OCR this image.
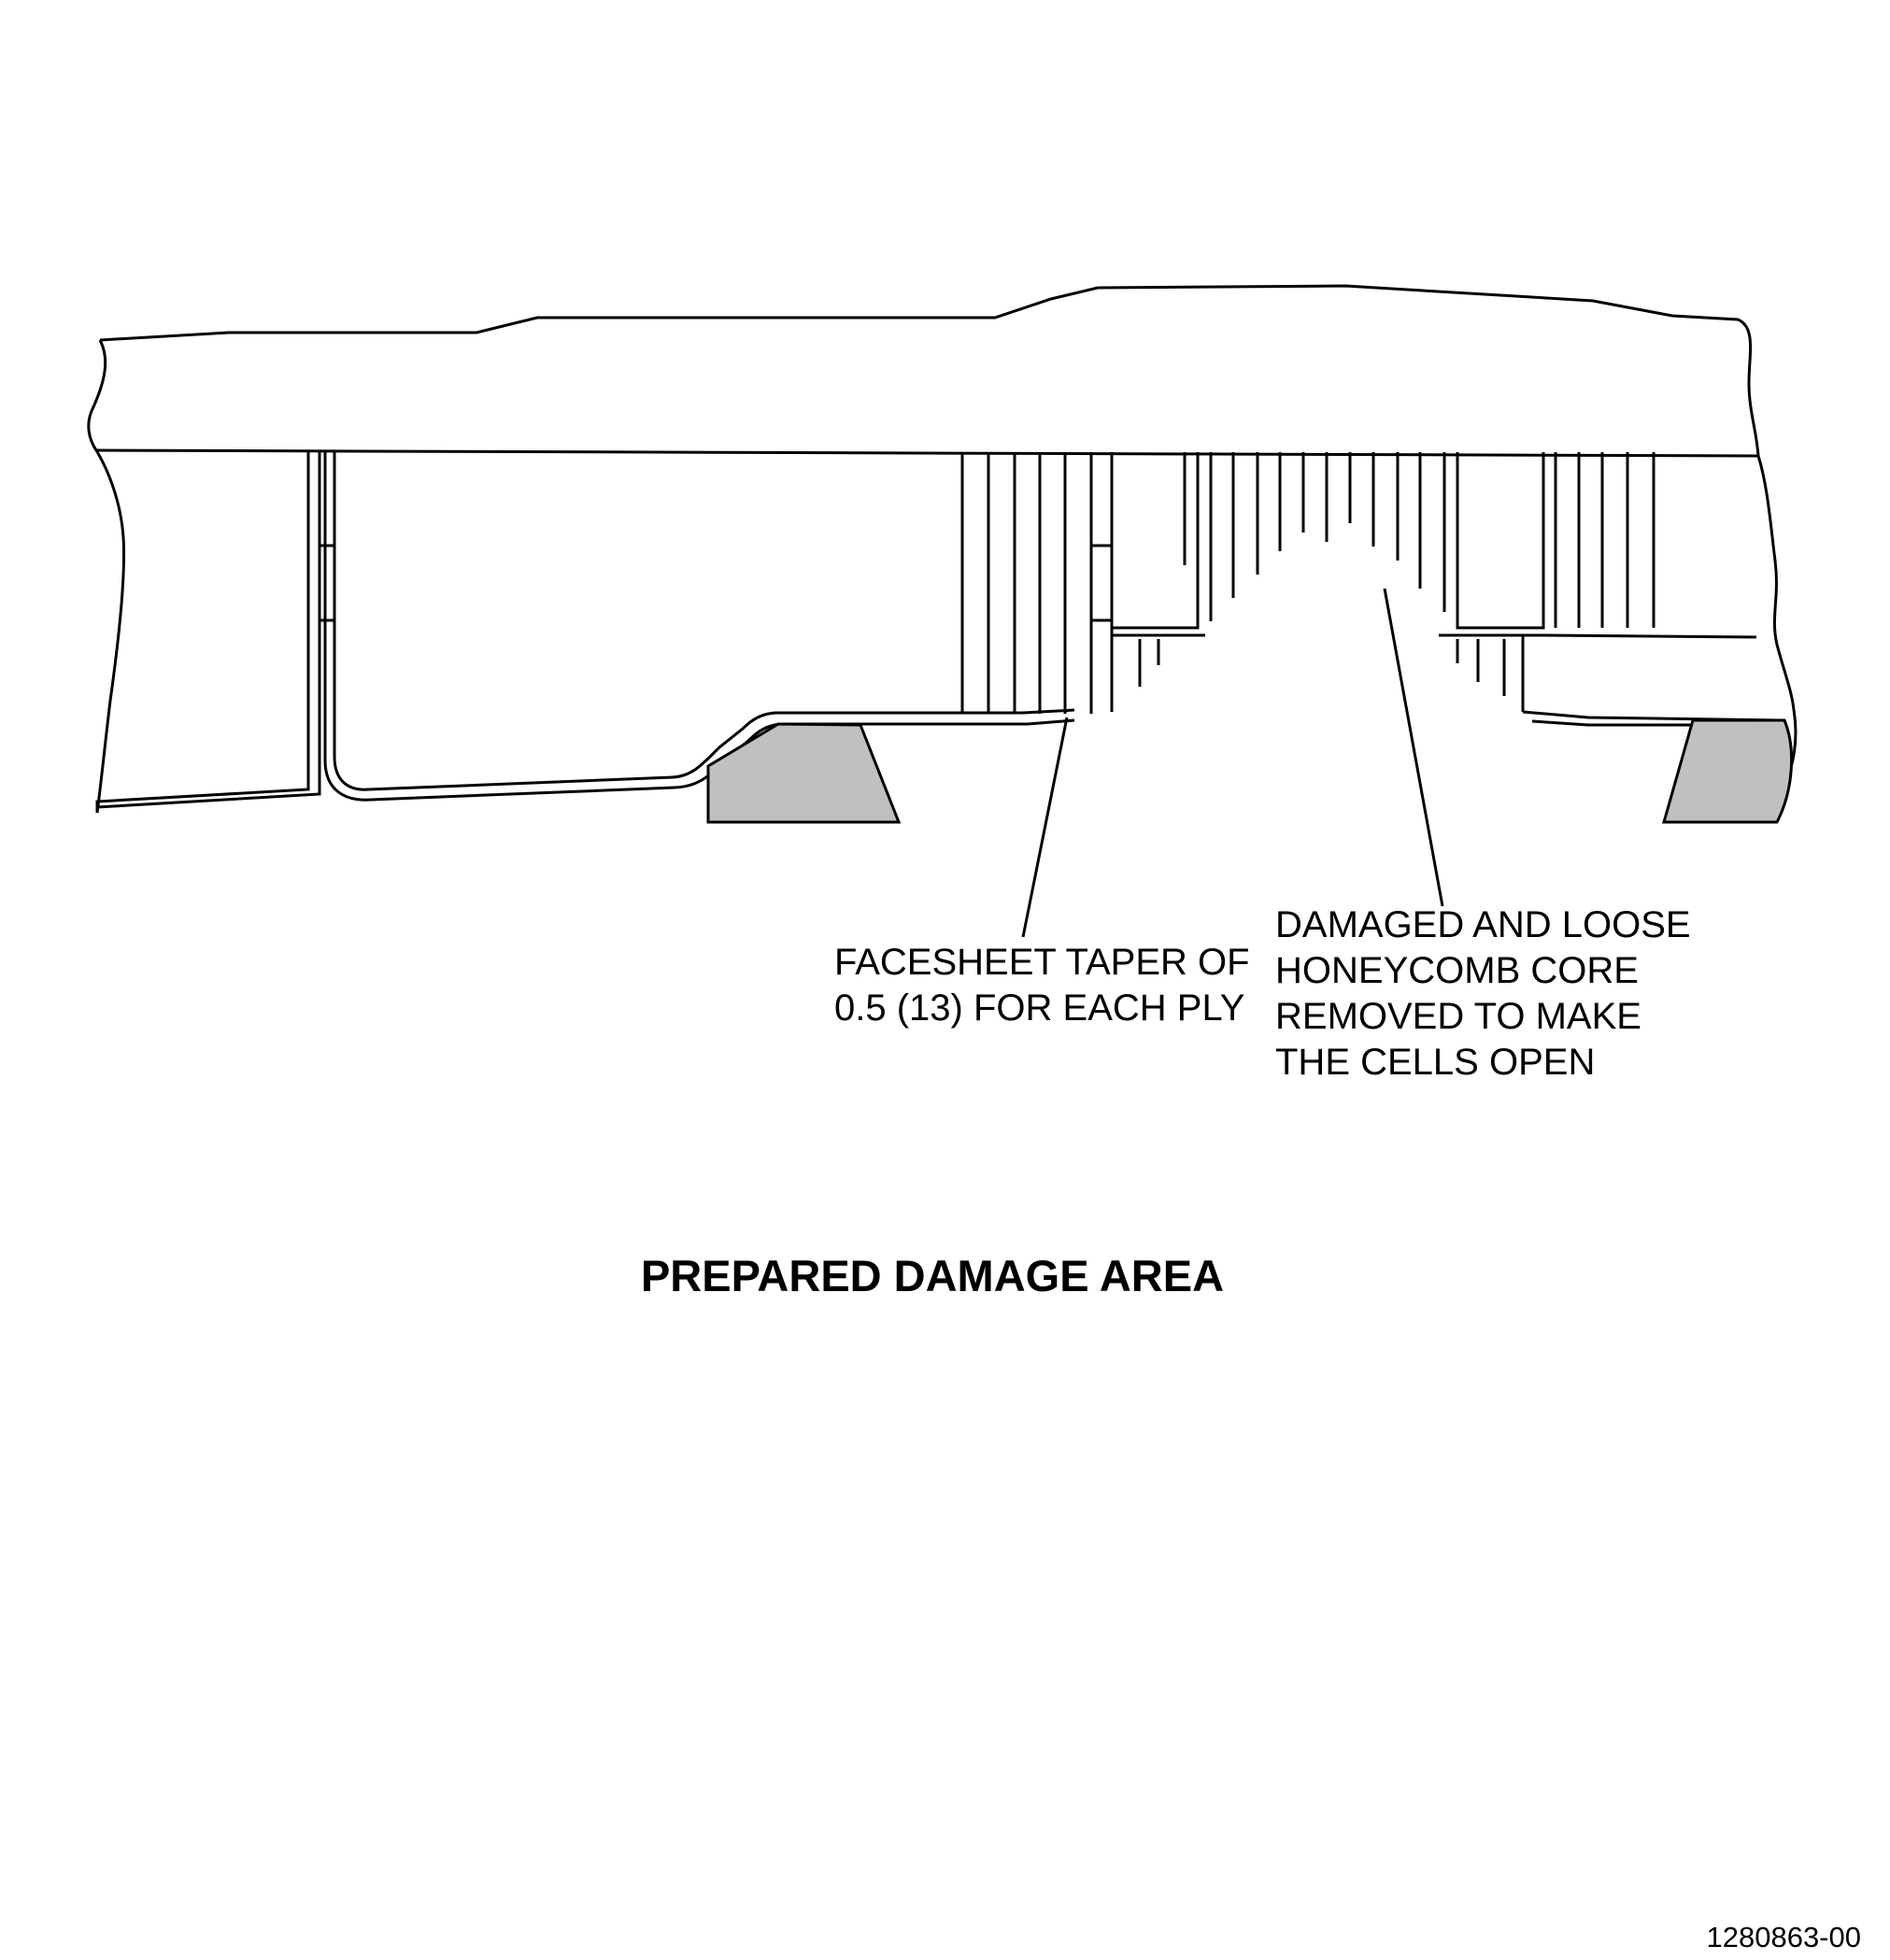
FACESHEET TAPER OF 0.5 (13) FOR EACH PLY
DAMAGED AND LOOSE HONEYCOMB CORE REMOVED TO MAKE THE CELLS OPEN
PREPARED DAMAGE AREA
1280863-00
